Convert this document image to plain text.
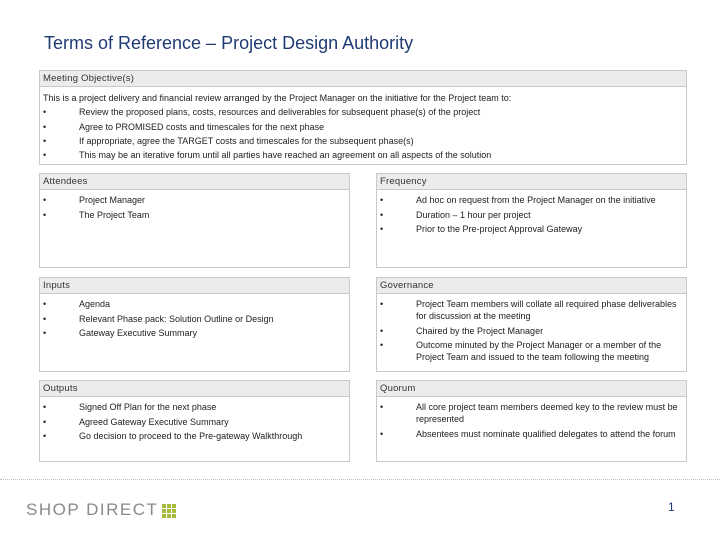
Terms of Reference – Project Design Authority
Meeting Objective(s)
This is a project delivery and financial review arranged by the Project Manager on the initiative for the Project team to:
•	Review the proposed plans, costs, resources and deliverables for subsequent phase(s) of the project
•	Agree to PROMISED costs and timescales for the next phase
•	If appropriate, agree the TARGET costs and timescales for the subsequent phase(s)
•	This may be an iterative forum until all parties have reached an agreement on all aspects of the solution
Attendees
•	Project Manager
•	The Project Team
Frequency
•	Ad hoc on request from the Project Manager on the initiative
•	Duration – 1 hour per project
•	Prior to the Pre-project Approval Gateway
Inputs
•	Agenda
•	Relevant Phase pack: Solution Outline or Design
•	Gateway Executive Summary
Governance
•	Project Team members will collate all required phase deliverables for discussion at the meeting
•	Chaired by the Project Manager
•	Outcome minuted by the Project Manager or a member of the Project Team and issued to the team following the meeting
Outputs
•	Signed Off Plan for the next phase
•	Agreed Gateway Executive Summary
•	Go decision to proceed to the Pre-gateway Walkthrough
Quorum
•	All core project team members deemed key to the review must be represented
•	Absentees must nominate qualified delegates to attend the forum
SHOP DIRECT	1
